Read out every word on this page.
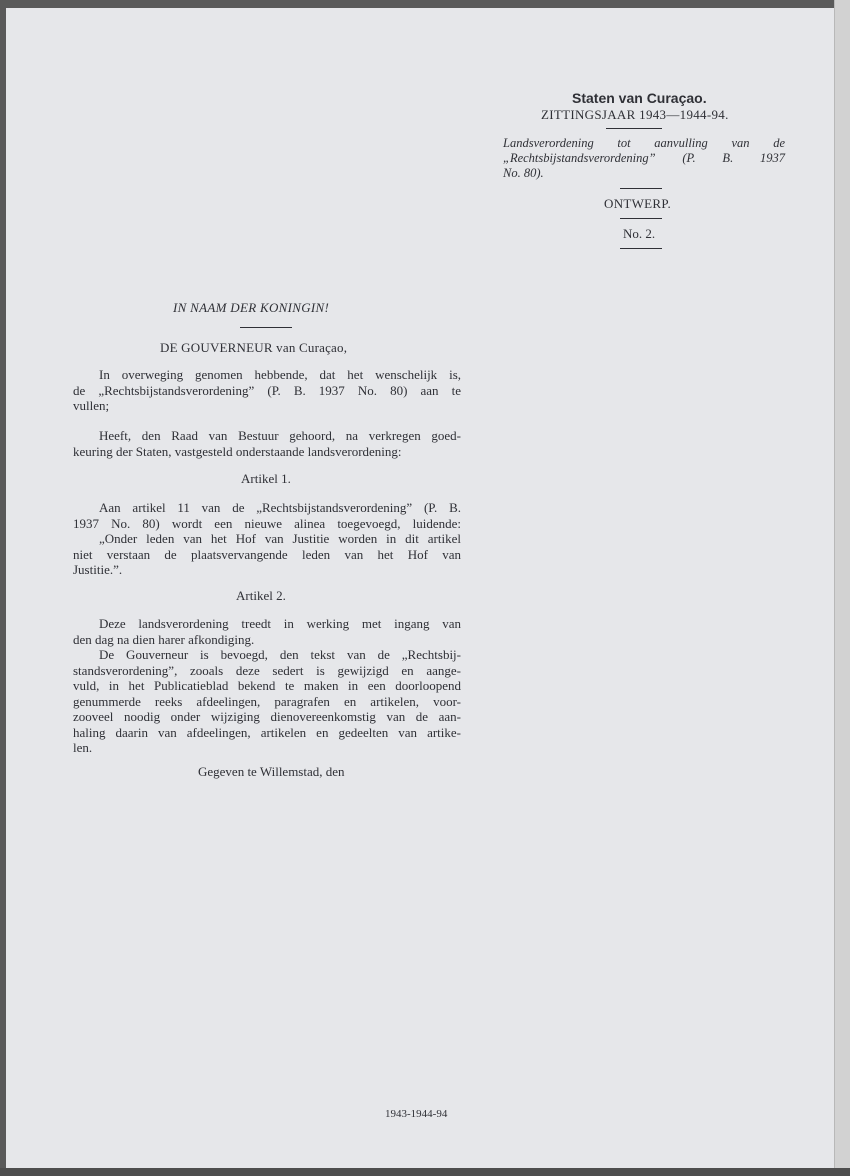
Staten van Curaçao.
ZITTINGSJAAR 1943—1944-94.
Landsverordening tot aanvulling van de
„Rechtsbijstandsverordening” (P. B. 1937
No. 80).
ONTWERP.
No. 2.
IN NAAM DER KONINGIN!
DE GOUVERNEUR van Curaçao,
In overweging genomen hebbende, dat het wenschelijk is,
de „Rechtsbijstandsverordening” (P. B. 1937 No. 80) aan te
vullen;
Heeft, den Raad van Bestuur gehoord, na verkregen goed-
keuring der Staten, vastgesteld onderstaande landsverordening:
Artikel 1.
Aan artikel 11 van de „Rechtsbijstandsverordening” (P. B.
1937 No. 80) wordt een nieuwe alinea toegevoegd, luidende:
„Onder leden van het Hof van Justitie worden in dit artikel
niet verstaan de plaatsvervangende leden van het Hof van
Justitie.”.
Artikel 2.
Deze landsverordening treedt in werking met ingang van
den dag na dien harer afkondiging.
De Gouverneur is bevoegd, den tekst van de „Rechtsbij-
standsverordening”, zooals deze sedert is gewijzigd en aange-
vuld, in het Publicatieblad bekend te maken in een doorloopend
genummerde reeks afdeelingen, paragrafen en artikelen, voor-
zooveel noodig onder wijziging dienovereenkomstig van de aan-
haling daarin van afdeelingen, artikelen en gedeelten van artike-
len.
Gegeven te Willemstad, den
1943-1944-94
